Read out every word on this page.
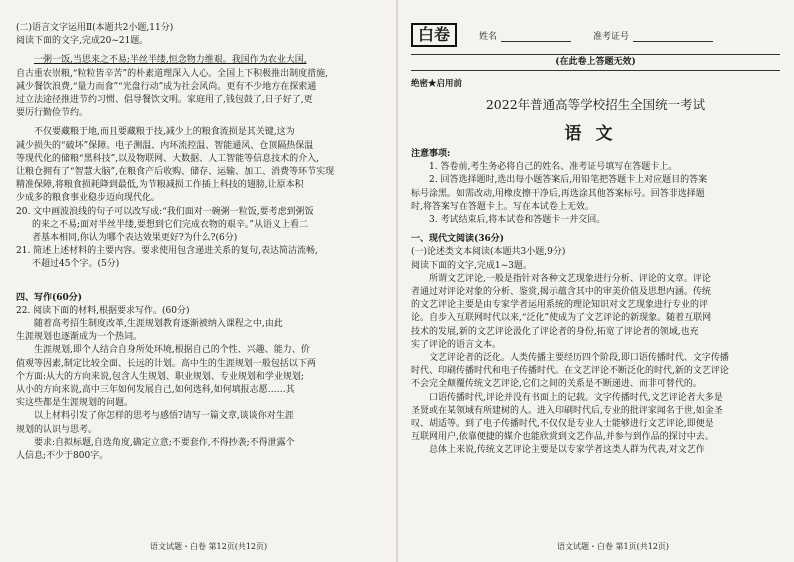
(二)语言文字运用Ⅱ(本题共2小题,11分)
阅读下面的文字,完成20~21题。
一粥一饭,当思来之不易;半丝半缕,恒念物力维艰。我国作为农业大国,
自古重农崇粮,“粒粒皆辛苦”的朴素道理深入人心。全国上下积极推出制度措施,
减少餐饮浪费,“量力而食”“光盘行动”成为社会风尚。更有不少地方在探索通
过立法途径推进节约习惯、倡导餐饮文明。家庭用了,钱包鼓了,日子好了,更
要厉行勤俭节约。
不仅要藏粮于地,而且要藏粮于技,减少上的粮食流损是其关键,这为
减少损失的“破坏”保障。电子测温、内环流控温、智能通风、仓顶隔热保温
等现代化的储粮“黑科技”,以及物联网、大数据、人工智能等信息技术的介入,
让粮仓拥有了“智慧大脑”,在粮食产后收购、储存、运输、加工、消费等环节实现
精准保障,将粮食损耗降到最低,为节粮减损工作插上科技的翅膀,让原本积
少成多的粮食事业稳步迈向现代化。
20. 文中画波浪线的句子可以改写成:“我们面对一碗粥一粒饭,要考虑到粥饭
的来之不易;面对半丝半缕,要想到它们完成衣物的艰辛。”从语义上看二
者基本相同,你认为哪个表达效果更好?为什么?(6分)
21. 简述上述材料的主要内容。要求使用包含递进关系的复句,表达简洁流畅,
不超过45个字。(5分)
四、写作(60分)
22. 阅读下面的材料,根据要求写作。(60分)
随着高考招生制度改革,生涯规划教育逐渐被纳入课程之中,由此
生涯规划也逐渐成为一个热词。
生涯规划,即个人结合自身所处环境,根据自己的个性、兴趣、能力、价
值观等因素,制定比较全面、长远的计划。高中生的生涯规划一般包括以下两
个方面:从大的方向来说,包含人生规划、职业规划、专业规划和学业规划;
从小的方向来说,高中三年如何发展自己,如何选科,如何填报志愿……其
实这些都是生涯规划的问题。
以上材料引发了你怎样的思考与感悟?请写一篇文章,谈谈你对生涯
规划的认识与思考。
要求:自拟标题,自选角度,确定立意;不要套作,不得抄袭;不得泄露个
人信息;不少于800字。
语文试题・白卷 第12页(共12页)
白卷	姓名	准考证号
(在此卷上答题无效)
绝密★启用前
2022年普通高等学校招生全国统一考试
语文
注意事项:
1. 答卷前,考生务必将自己的姓名、准考证号填写在答题卡上。
2. 回答选择题时,选出每小题答案后,用铅笔把答题卡上对应题目的答案
标号涂黑。如需改动,用橡皮擦干净后,再选涂其他答案标号。回答非选择题
时,将答案写在答题卡上。写在本试卷上无效。
3. 考试结束后,将本试卷和答题卡一并交回。
一、现代文阅读(36分)
(一)论述类文本阅读(本题共3小题,9分)
阅读下面的文字,完成1~3题。
所谓文艺评论,一般是指针对各种文艺现象进行分析、评论的文章。评论
者通过对评论对象的分析、鉴赏,揭示蕴含其中的审美价值及思想内涵。传统
的文艺评论主要是由专家学者运用系统的理论知识对文艺现象进行专业的评
论。自步入互联网时代以来,“泛化”使成为了文艺评论的新现象。随着互联网
技术的发展,新的文艺评论汲化了评论者的身份,拓宽了评论者的领域,也充
实了评论的语言文本。
文艺评论者的泛化。人类传播主要经历四个阶段,即口语传播时代、文字传播
时代、印刷传播时代和电子传播时代。在文艺评论不断泛化的时代,新的文艺评论
不会完全颠覆传统文艺评论,它们之间的关系是不断递进、而非可替代的。
口语传播时代,评论并没有书面上的记载。文字传播时代,文艺评论者大多是
圣贤或在某领域有所建树的人。进入印刷时代后,专业的批评家闻名于世,如金圣
叹、胡适等。到了电子传播时代,不仅仅是专业人士能够进行文艺评论,即便是
互联网用户,依靠便捷的媒介也能欣赏到文艺作品,并参与到作品的探讨中去。
总体上来说,传统文艺评论主要是以专家学者这类人群为代表,对文艺作
语文试题・白卷 第1页(共12页)
